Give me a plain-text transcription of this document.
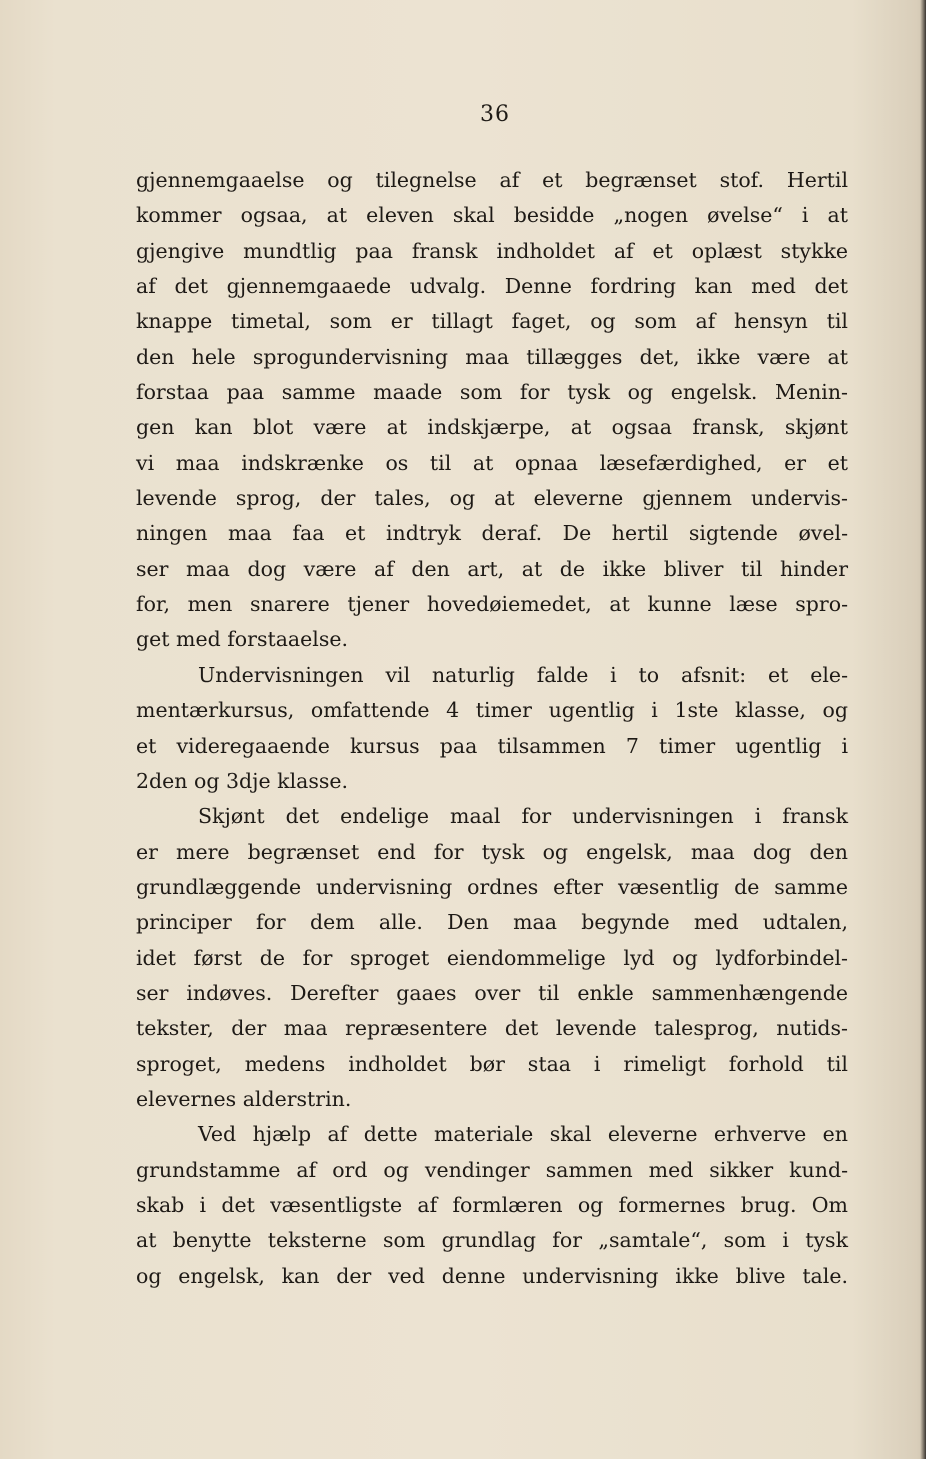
36
gjennemgaaelse og tilegnelse af et begrænset stof. Hertil
kommer ogsaa, at eleven skal besidde „nogen øvelse“ i at
gjengive mundtlig paa fransk indholdet af et oplæst stykke
af det gjennemgaaede udvalg. Denne fordring kan med det
knappe timetal, som er tillagt faget, og som af hensyn til
den hele sprogundervisning maa tillægges det, ikke være at
forstaa paa samme maade som for tysk og engelsk. Menin-
gen kan blot være at indskjærpe, at ogsaa fransk, skjønt
vi maa indskrænke os til at opnaa læsefærdighed, er et
levende sprog, der tales, og at eleverne gjennem undervis-
ningen maa faa et indtryk deraf. De hertil sigtende øvel-
ser maa dog være af den art, at de ikke bliver til hinder
for, men snarere tjener hovedøiemedet, at kunne læse spro-
get med forstaaelse.
Undervisningen vil naturlig falde i to afsnit: et ele-
mentærkursus, omfattende 4 timer ugentlig i 1ste klasse, og
et videregaaende kursus paa tilsammen 7 timer ugentlig i
2den og 3dje klasse.
Skjønt det endelige maal for undervisningen i fransk
er mere begrænset end for tysk og engelsk, maa dog den
grundlæggende undervisning ordnes efter væsentlig de samme
principer for dem alle. Den maa begynde med udtalen,
idet først de for sproget eiendommelige lyd og lydforbindel-
ser indøves. Derefter gaaes over til enkle sammenhængende
tekster, der maa repræsentere det levende talesprog, nutids-
sproget, medens indholdet bør staa i rimeligt forhold til
elevernes alderstrin.
Ved hjælp af dette materiale skal eleverne erhverve en
grundstamme af ord og vendinger sammen med sikker kund-
skab i det væsentligste af formlæren og formernes brug. Om
at benytte teksterne som grundlag for „samtale“, som i tysk
og engelsk, kan der ved denne undervisning ikke blive tale.
